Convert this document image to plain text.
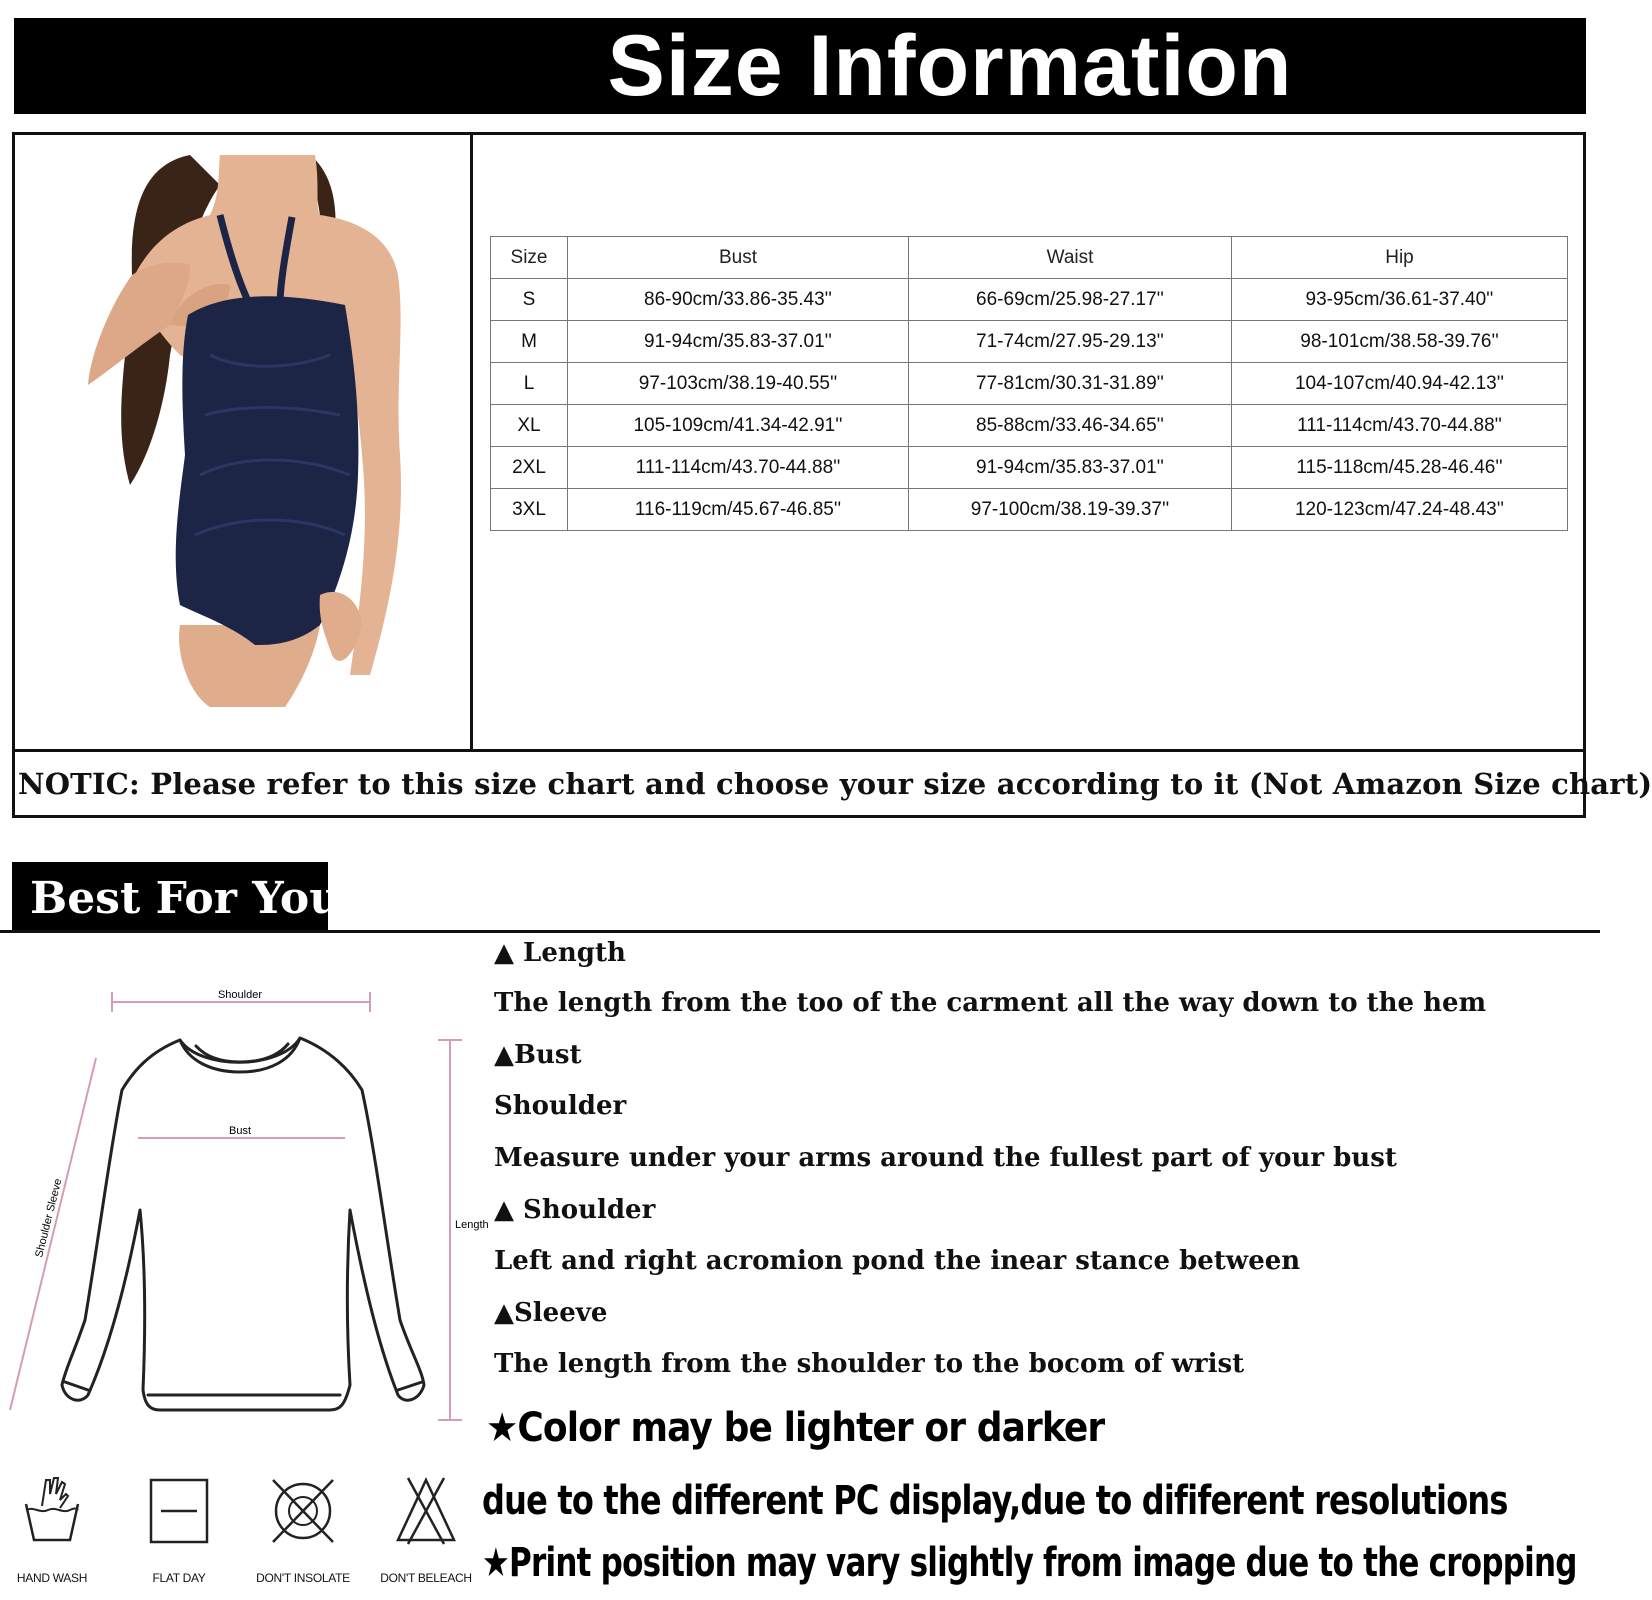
Size Information
Size	Bust	Waist	Hip
S	86-90cm/33.86-35.43''	66-69cm/25.98-27.17''	93-95cm/36.61-37.40''
M	91-94cm/35.83-37.01''	71-74cm/27.95-29.13''	98-101cm/38.58-39.76''
L	97-103cm/38.19-40.55''	77-81cm/30.31-31.89''	104-107cm/40.94-42.13''
XL	105-109cm/41.34-42.91''	85-88cm/33.46-34.65''	111-114cm/43.70-44.88''
2XL	111-114cm/43.70-44.88''	91-94cm/35.83-37.01''	115-118cm/45.28-46.46''
3XL	116-119cm/45.67-46.85''	97-100cm/38.19-39.37''	120-123cm/47.24-48.43''
NOTIC: Please refer to this size chart and choose your size according to it (Not Amazon Size chart)
Best For You
Shoulder
Bust
Length
Shoulder Sleeve
▲ Length
The length from the too of the carment all the way down to the hem
▲Bust
Shoulder
Measure under your arms around the fullest part of your bust
▲ Shoulder
Left and right acromion pond the inear stance between
▲Sleeve
The length from the shoulder to the bocom of wrist
★Color may be lighter or darker
due to the different PC display,due to dififerent resolutions
★Print position may vary slightly from image due to the cropping
HAND WASH	FLAT DAY	DON'T INSOLATE	DON'T BELEACH
